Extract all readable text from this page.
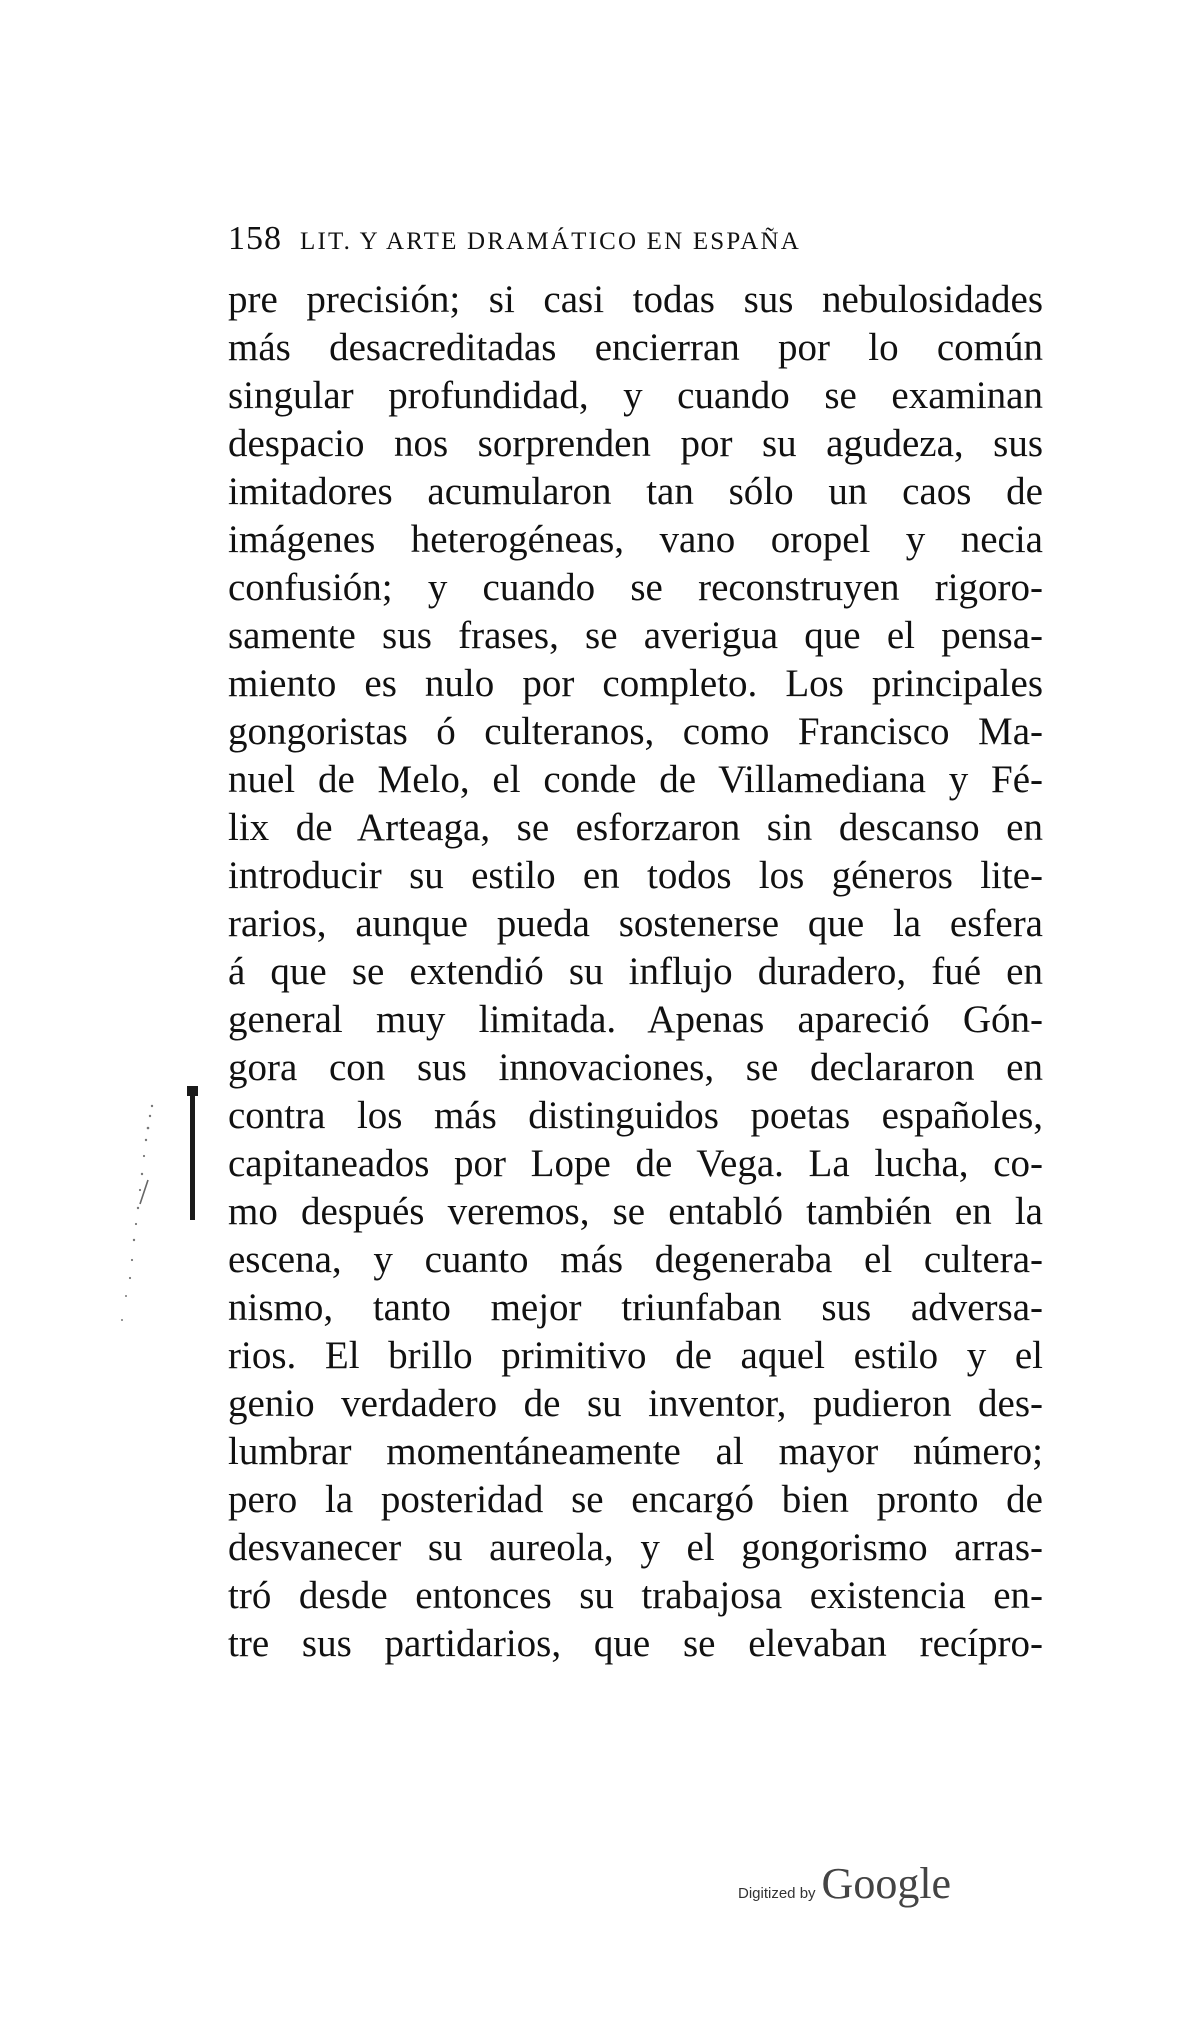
158 LIT. Y ARTE DRAMÁTICO EN ESPAÑA
pre precisión; si casi todas sus nebulosidades
más desacreditadas encierran por lo común
singular profundidad, y cuando se examinan
despacio nos sorprenden por su agudeza, sus
imitadores acumularon tan sólo un caos de
imágenes heterogéneas, vano oropel y necia
confusión; y cuando se reconstruyen rigoro-
samente sus frases, se averigua que el pensa-
miento es nulo por completo. Los principales
gongoristas ó culteranos, como Francisco Ma-
nuel de Melo, el conde de Villamediana y Fé-
lix de Arteaga, se esforzaron sin descanso en
introducir su estilo en todos los géneros lite-
rarios, aunque pueda sostenerse que la esfera
á que se extendió su influjo duradero, fué en
general muy limitada. Apenas apareció Gón-
gora con sus innovaciones, se declararon en
contra los más distinguidos poetas españoles,
capitaneados por Lope de Vega. La lucha, co-
mo después veremos, se entabló también en la
escena, y cuanto más degeneraba el cultera-
nismo, tanto mejor triunfaban sus adversa-
rios. El brillo primitivo de aquel estilo y el
genio verdadero de su inventor, pudieron des-
lumbrar momentáneamente al mayor número;
pero la posteridad se encargó bien pronto de
desvanecer su aureola, y el gongorismo arras-
tró desde entonces su trabajosa existencia en-
tre sus partidarios, que se elevaban recípro-
Digitized by Google
